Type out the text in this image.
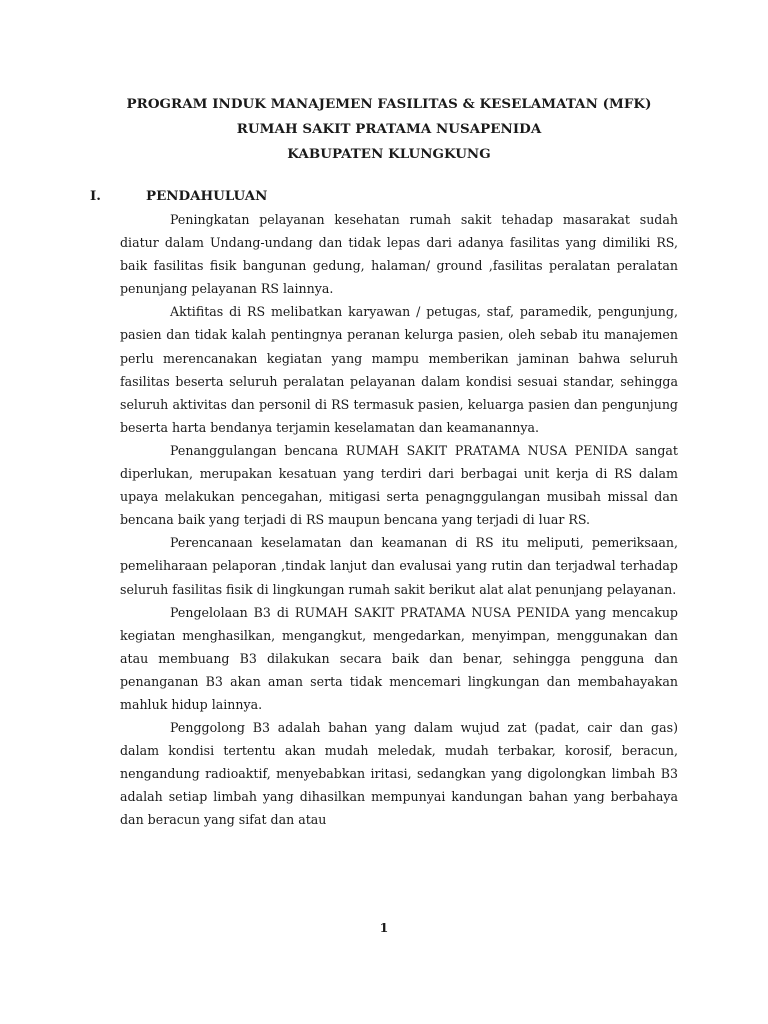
PROGRAM INDUK MANAJEMEN FASILITAS & KESELAMATAN (MFK)
RUMAH SAKIT PRATAMA NUSAPENIDA
KABUPATEN KLUNGKUNG
I.	PENDAHULUAN

Peningkatan pelayanan kesehatan rumah sakit tehadap masarakat sudah diatur dalam Undang-undang dan tidak lepas dari adanya fasilitas yang dimiliki RS, baik fasilitas fisik bangunan gedung, halaman/ ground ,fasilitas peralatan peralatan penunjang pelayanan RS lainnya.

Aktifitas di RS melibatkan karyawan / petugas, staf, paramedik, pengunjung, pasien dan tidak kalah pentingnya peranan kelurga pasien, oleh sebab itu manajemen perlu merencanakan kegiatan yang mampu memberikan jaminan bahwa seluruh fasilitas beserta seluruh peralatan pelayanan dalam kondisi sesuai standar, sehingga seluruh aktivitas dan personil di RS termasuk pasien, keluarga pasien dan pengunjung beserta harta bendanya terjamin keselamatan dan keamanannya.

Penanggulangan bencana RUMAH SAKIT PRATAMA NUSA PENIDA sangat diperlukan, merupakan kesatuan yang terdiri dari berbagai unit kerja di RS dalam upaya melakukan pencegahan, mitigasi serta penagnggulangan musibah missal dan bencana baik yang terjadi di RS maupun bencana yang terjadi di luar RS.

Perencanaan keselamatan dan keamanan di RS itu meliputi, pemeriksaan, pemeliharaan pelaporan ,tindak lanjut dan evalusai yang rutin dan terjadwal terhadap seluruh fasilitas fisik di lingkungan rumah sakit berikut alat alat penunjang pelayanan.

Pengelolaan B3 di RUMAH SAKIT PRATAMA NUSA PENIDA yang mencakup kegiatan menghasilkan, mengangkut, mengedarkan, menyimpan, menggunakan dan atau membuang B3 dilakukan secara baik dan benar, sehingga pengguna dan penanganan B3 akan aman serta tidak mencemari lingkungan dan membahayakan mahluk hidup lainnya.

Penggolong B3 adalah bahan yang dalam wujud zat (padat, cair dan gas) dalam kondisi tertentu akan mudah meledak, mudah terbakar, korosif, beracun, nengandung radioaktif, menyebabkan iritasi, sedangkan yang digolongkan limbah B3 adalah setiap limbah yang dihasilkan mempunyai kandungan bahan yang berbahaya dan beracun yang sifat dan atau

1
